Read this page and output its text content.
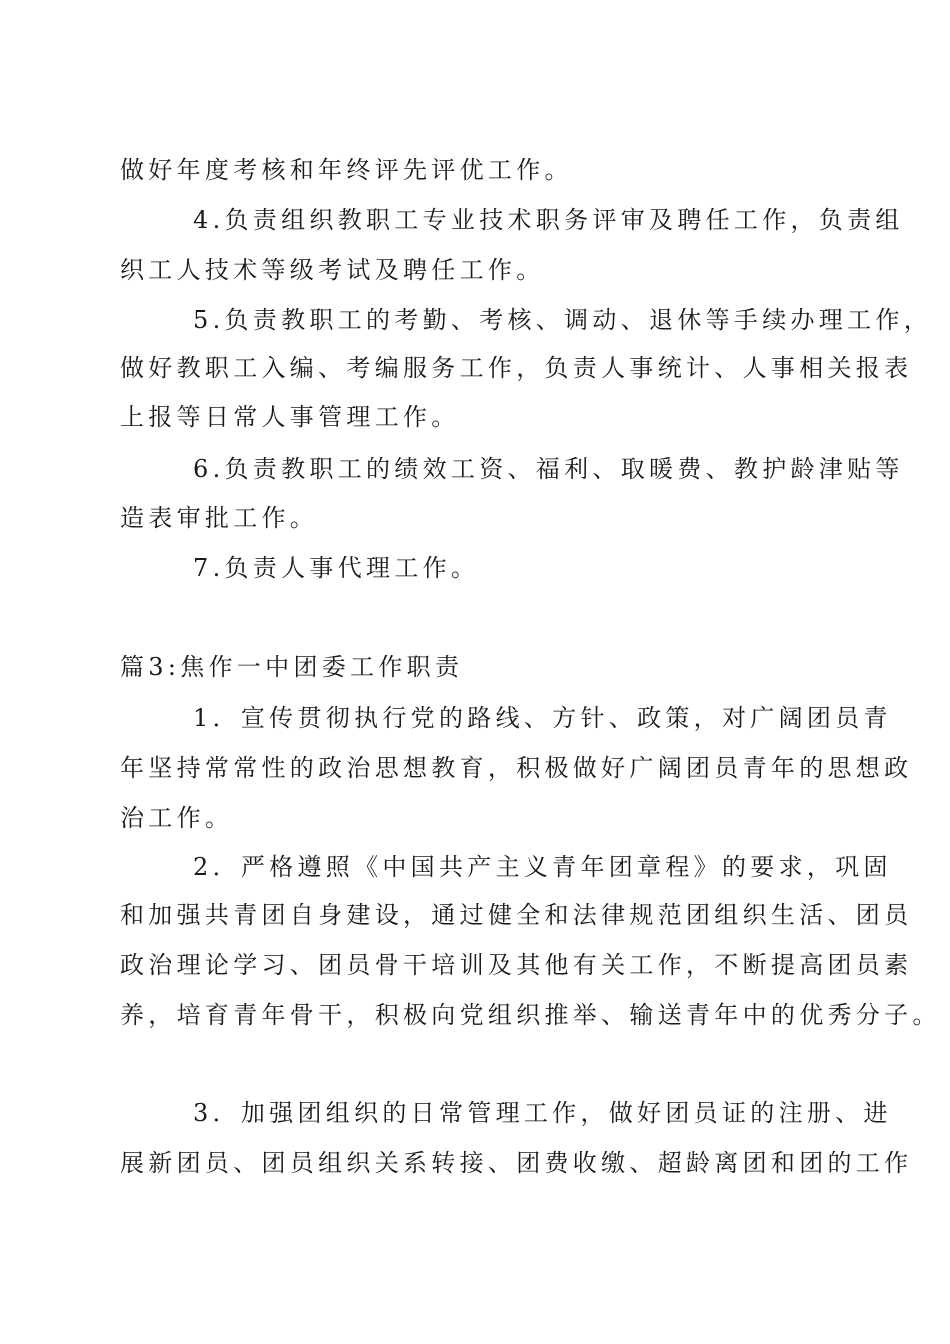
做好年度考核和年终评先评优工作。
4.负责组织教职工专业技术职务评审及聘任工作，负责组
织工人技术等级考试及聘任工作。
5.负责教职工的考勤、考核、调动、退休等手续办理工作，
做好教职工入编、考编服务工作，负责人事统计、人事相关报表
上报等日常人事管理工作。
6.负责教职工的绩效工资、福利、取暖费、教护龄津贴等
造表审批工作。
7.负责人事代理工作。
篇3:焦作一中团委工作职责
1．宣传贯彻执行党的路线、方针、政策，对广阔团员青
年坚持常常性的政治思想教育，积极做好广阔团员青年的思想政
治工作。
2．严格遵照《中国共产主义青年团章程》的要求，巩固
和加强共青团自身建设，通过健全和法律规范团组织生活、团员
政治理论学习、团员骨干培训及其他有关工作，不断提高团员素
养，培育青年骨干，积极向党组织推举、输送青年中的优秀分子。
3．加强团组织的日常管理工作，做好团员证的注册、进
展新团员、团员组织关系转接、团费收缴、超龄离团和团的工作
